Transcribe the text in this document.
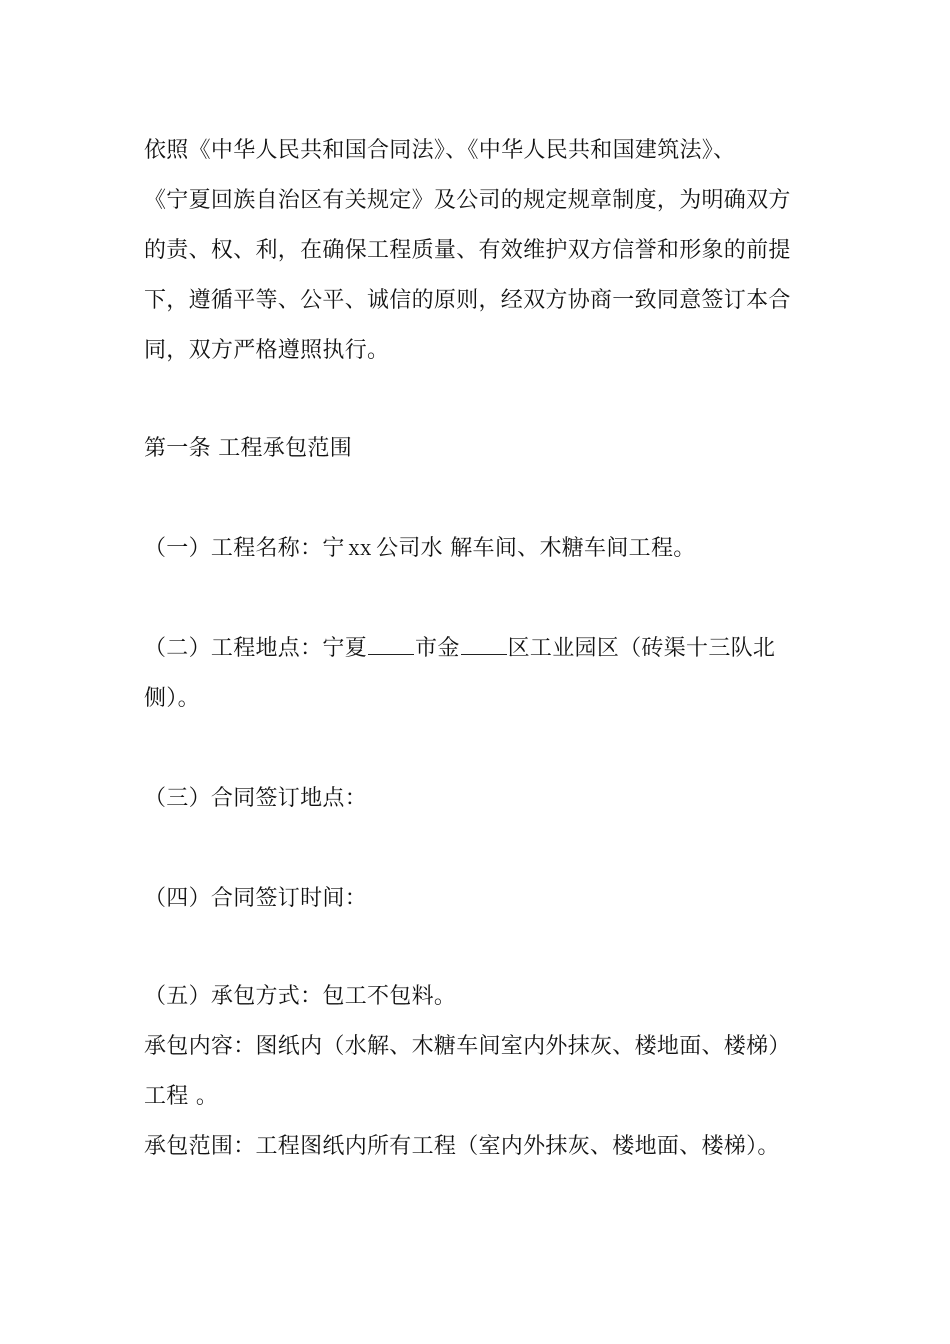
依照《中华人民共和国合同法》、《中华人民共和国建筑法》、
《宁夏回族自治区有关规定》及公司的规定规章制度，为明确双方
的责、权、利，在确保工程质量、有效维护双方信誉和形象的前提
下，遵循平等、公平、诚信的原则，经双方协商一致同意签订本合
同，双方严格遵照执行。
第一条 工程承包范围
（一）工程名称：宁 XX 公司水 解车间、木糖车间工程。
（二）工程地点：宁夏 市金 区工业园区（砖渠十三队北
侧）。
（三）合同签订地点：
（四）合同签订时间：
（五）承包方式：包工不包料。
承包内容：图纸内（水解、木糖车间室内外抹灰、楼地面、楼梯）
工程 。
承包范围：工程图纸内所有工程（室内外抹灰、楼地面、楼梯）。
